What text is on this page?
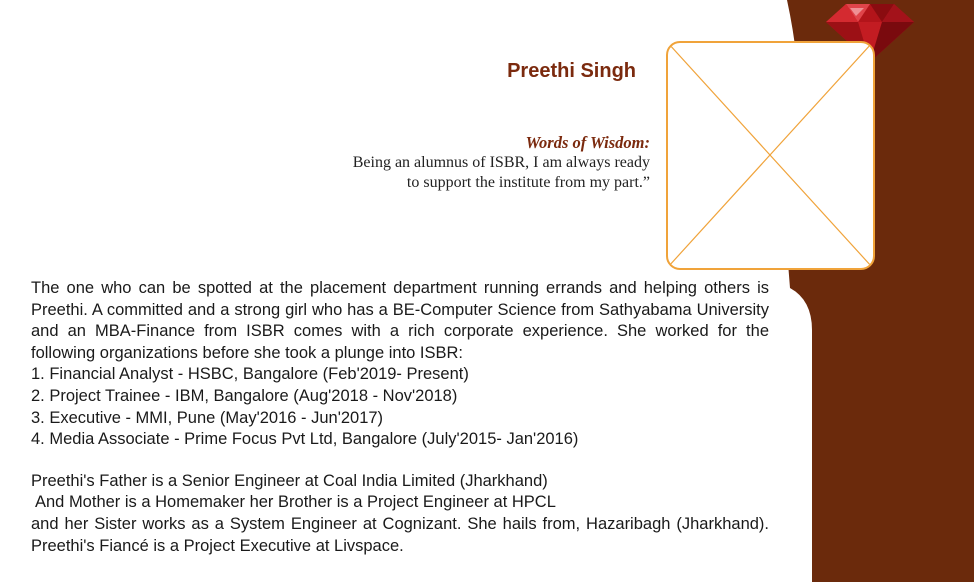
Preethi Singh
Words of Wisdom:
Being an alumnus of ISBR, I am always ready
to support the institute from my part.”

The one who can be spotted at the placement department running errands and helping others is Preethi. A committed and a strong girl who has a BE-Computer Science from Sathyabama University and an MBA-Finance from ISBR comes with a rich corporate experience. She worked for the following organizations before she took a plunge into ISBR:

1. Financial Analyst - HSBC, Bangalore (Feb'2019- Present)
2. Project Trainee - IBM, Bangalore (Aug'2018 - Nov'2018)
3. Executive - MMI, Pune (May'2016 - Jun'2017)
4. Media Associate - Prime Focus Pvt Ltd, Bangalore (July'2015- Jan'2016)
Preethi's Father is a Senior Engineer at Coal India Limited (Jharkhand)
And Mother is a Homemaker her Brother is a Project Engineer at HPCL

and her Sister works as a System Engineer at Cognizant. She hails from, Hazaribagh (Jharkhand). Preethi's Fiancé is a Project Executive at Livspace.
